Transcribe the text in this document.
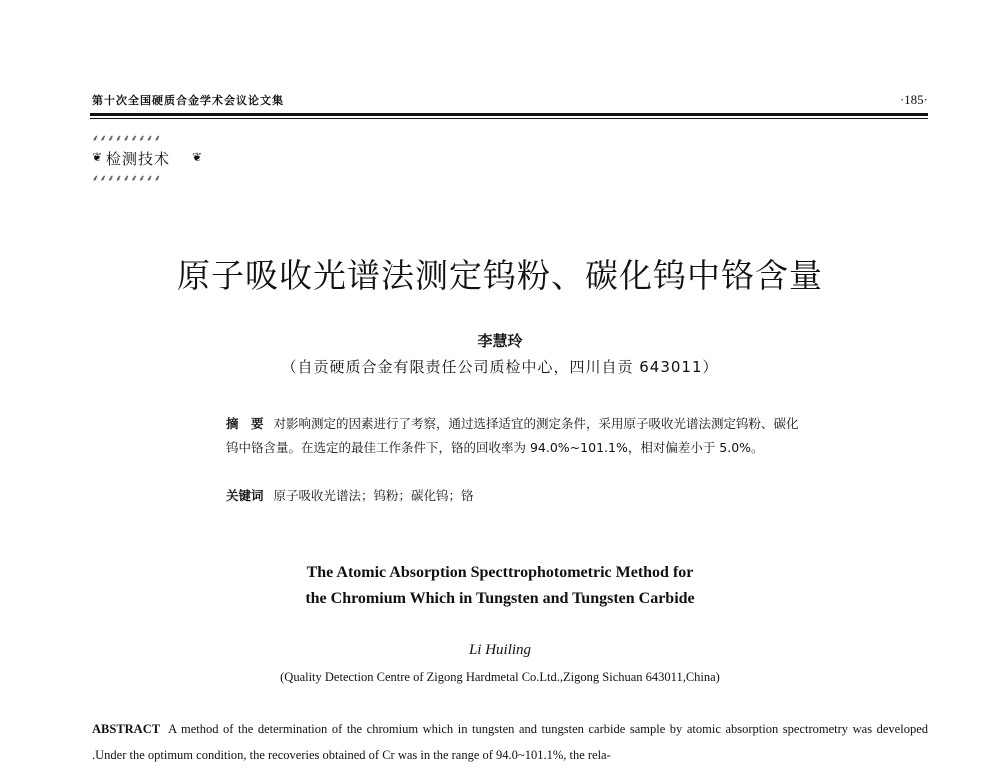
第十次全国硬质合金学术会议论文集	·185·
⸙⸙⸙⸙⸙⸙⸙⸙⸙
❦ 检测技术 ❦
⸙⸙⸙⸙⸙⸙⸙⸙⸙
原子吸收光谱法测定钨粉、碳化钨中铬含量
李慧玲
（自贡硬质合金有限责任公司质检中心，四川自贡 643011）
摘　要 对影响测定的因素进行了考察，通过选择适宜的测定条件，采用原子吸收光谱法测定钨粉、碳化钨中铬含量。在选定的最佳工作条件下，铬的回收率为 94.0%~101.1%，相对偏差小于 5.0%。
关键词 原子吸收光谱法；钨粉；碳化钨；铬
The Atomic Absorption Specttrophotometric Method for
the Chromium Which in Tungsten and Tungsten Carbide
Li Huiling
(Quality Detection Centre of Zigong Hardmetal Co.Ltd.,Zigong Sichuan 643011,China)
ABSTRACT A method of the determination of the chromium which in tungsten and tungsten carbide sample by atomic absorption spectrometry was developed .Under the optimum condition, the recoveries obtained of Cr was in the range of 94.0~101.1%, the rela-
